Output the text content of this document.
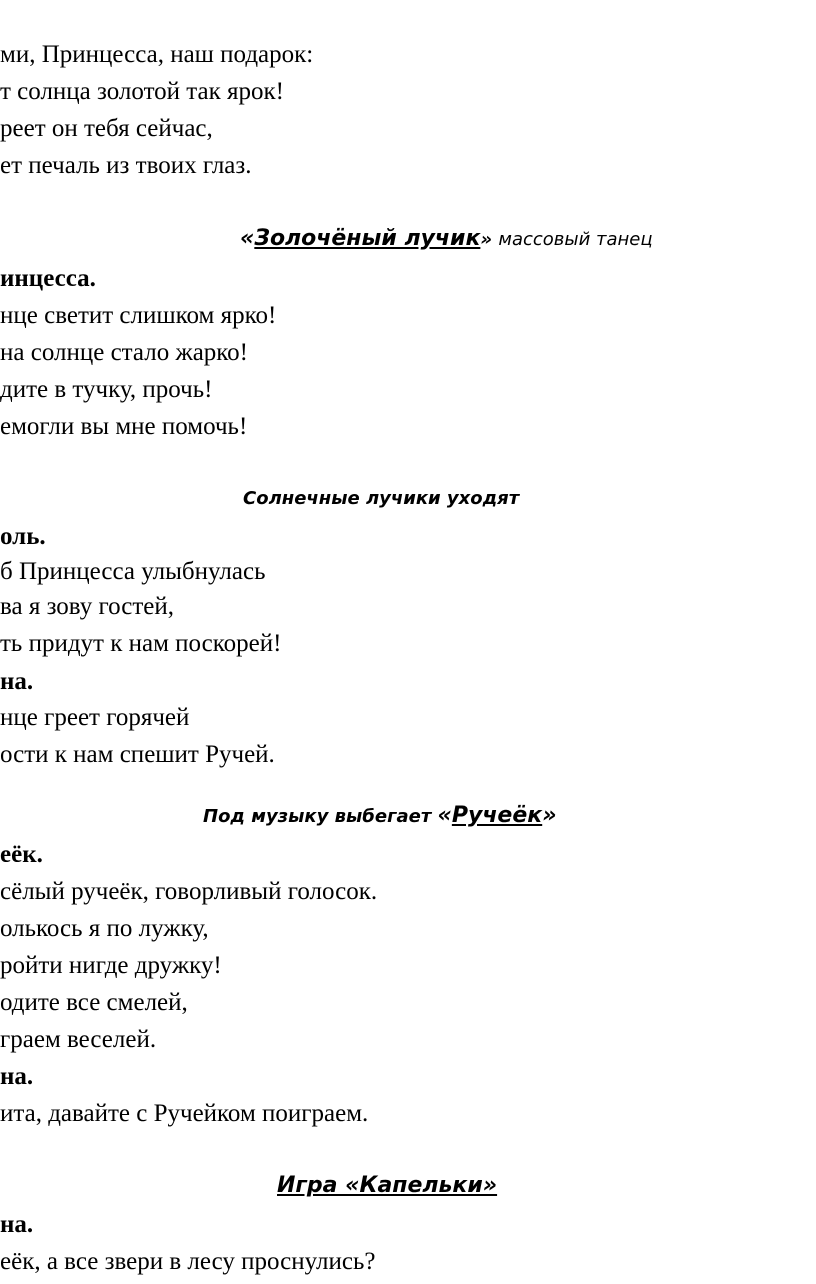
ми, Принцесса, наш подарок:
т солнца золотой так ярок!
реет он тебя сейчас,
ет печаль из твоих глаз.
«Золочёный лучик» массовый танец
инцесса.
нце светит слишком ярко!
на солнце стало жарко!
дите в тучку, прочь!
емогли вы мне помочь!
Солнечные лучики уходят
оль.
б Принцесса улыбнулась
ва я зову гостей,
ть придут к нам поскорей!
на.
нце греет горячей
ости к нам спешит Ручей.
Под музыку выбегает «Ручеёк»
еёк.
сёлый ручеёк, говорливый голосок.
олькось я по лужку,
ройти нигде дружку!
одите все смелей,
граем веселей.
на.
ита, давайте с Ручейком поиграем.
Игра «Капельки»
на.
еёк, а все звери в лесу проснулись?
